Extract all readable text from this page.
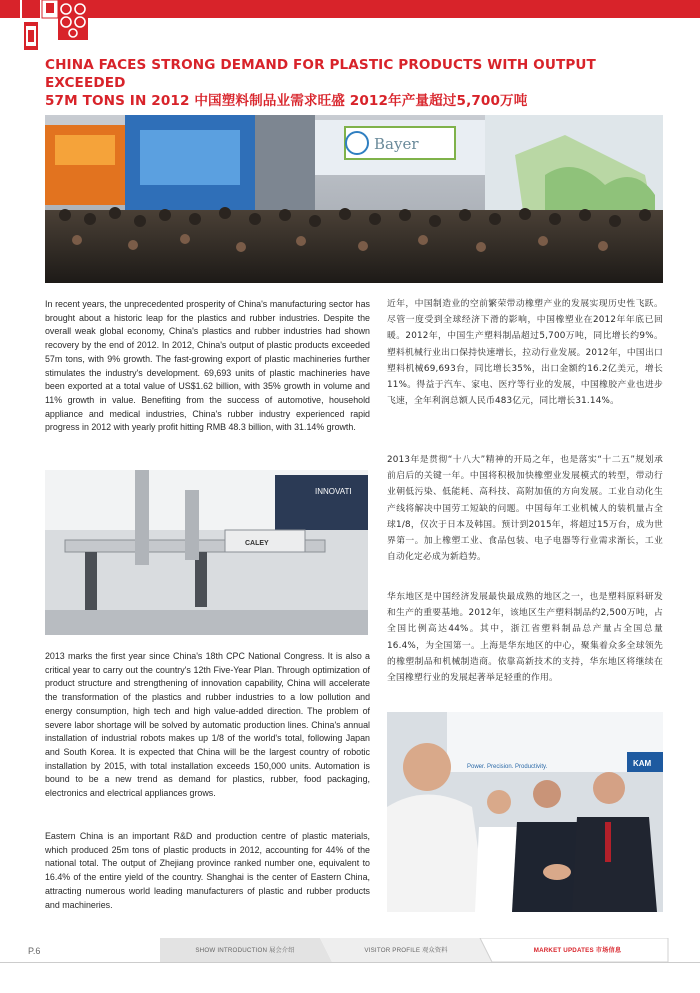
CHINA FACES STRONG DEMAND FOR PLASTIC PRODUCTS WITH OUTPUT EXCEEDED
57M TONS IN 2012 中国塑料制品业需求旺盛 2012年产量超过5,700万吨
Bayer

In recent years, the unprecedented prosperity of China's manufacturing sector has brought about a historic leap for the plastics and rubber industries. Despite the overall weak global economy, China's plastics and rubber industries had shown recovery by the end of 2012. In 2012, China's output of plastic products exceeded 57m tons, with 9% growth. The fast-growing export of plastic machineries further stimulates the industry's development. 69,693 units of plastic machineries have been exported at a total value of US$1.62 billion, with 35% growth in volume and 11% growth in value. Benefiting from the success of automotive, household appliance and medical industries, China's rubber industry experienced rapid progress in 2012 with yearly profit hitting RMB 48.3 billion, with 31.14% growth.

INNOVATI
CALEY

2013 marks the first year since China's 18th CPC National Congress. It is also a critical year to carry out the country's 12th Five-Year Plan. Through optimization of product structure and strengthening of innovation capability, China will accelerate the transformation of the plastics and rubber industries to a low pollution and energy consumption, high tech and high value-added direction. The problem of severe labor shortage will be solved by automatic production lines. China's annual installation of industrial robots makes up 1/8 of the world's total, following Japan and South Korea. It is expected that China will be the largest country of robotic installation by 2015, with total installation exceeds 150,000 units. Automation is bound to be a new trend as demand for plastics, rubber, food packaging, electronics and electrical appliances grows.

Eastern China is an important R&D and production centre of plastic materials, which produced 25m tons of plastic products in 2012, accounting for 44% of the national total. The output of Zhejiang province ranked number one, equivalent to 16.4% of the entire yield of the country. Shanghai is the center of Eastern China, attracting numerous world leading manufacturers of plastic and rubber products and machineries.

近年，中国制造业的空前繁荣带动橡塑产业的发展实现历史性飞跃。尽管一度受到全球经济下滑的影响，中国橡塑业在2012年年底已回暖。2012年，中国生产塑料制品超过5,700万吨，同比增长约9%。塑料机械行业出口保持快速增长，拉动行业发展。2012年，中国出口塑料机械69,693台，同比增长35%，出口金额约16.2亿美元，增长11%。得益于汽车、家电、医疗等行业的发展，中国橡胶产业也进步飞速，全年利润总额人民币483亿元，同比增长31.14%。

2013年是贯彻“十八大”精神的开局之年，也是落实“十二五”规划承前启后的关键一年。中国将积极加快橡塑业发展模式的转型，带动行业朝低污染、低能耗、高科技、高附加值的方向发展。工业自动化生产线将解决中国劳工短缺的问题。中国每年工业机械人的装机量占全球1/8，仅次于日本及韩国。预计到2015年，将超过15万台，成为世界第一。加上橡塑工业、食品包装、电子电器等行业需求渐长，工业自动化定必成为新趋势。

华东地区是中国经济发展最快最成熟的地区之一，也是塑料原料研发和生产的重要基地。2012年，该地区生产塑料制品约2,500万吨，占全国比例高达44%。其中，浙江省塑料制品总产量占全国总量16.4%，为全国第一。上海是华东地区的中心，聚集着众多全球领先的橡塑制品和机械制造商。依靠高新技术的支持，华东地区将继续在全国橡塑行业的发展起著举足轻重的作用。

Power. Precision. Productivity.	KAM
P.6	SHOW INTRODUCTION 展会介绍	VISITOR PROFILE 观众资料	MARKET UPDATES 市场信息
